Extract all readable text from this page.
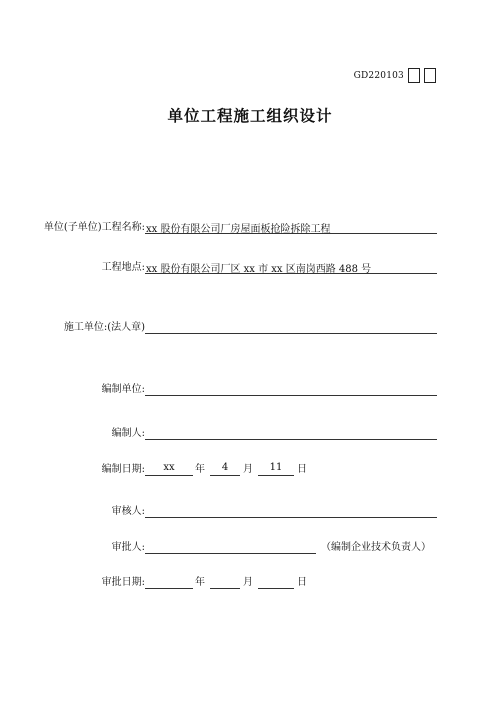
GD220103
单位工程施工组织设计
单位(子单位)工程名称: xx 股份有限公司厂房屋面板抢险拆除工程
工程地点: xx 股份有限公司厂区 xx 市 xx 区南岗西路 488 号
施工单位:(法人章)
编制单位:
编制人:
编制日期:	xx	年	4	月	11	日
审核人:
审批人:	（编制企业技术负责人）
审批日期:	年	月	日
